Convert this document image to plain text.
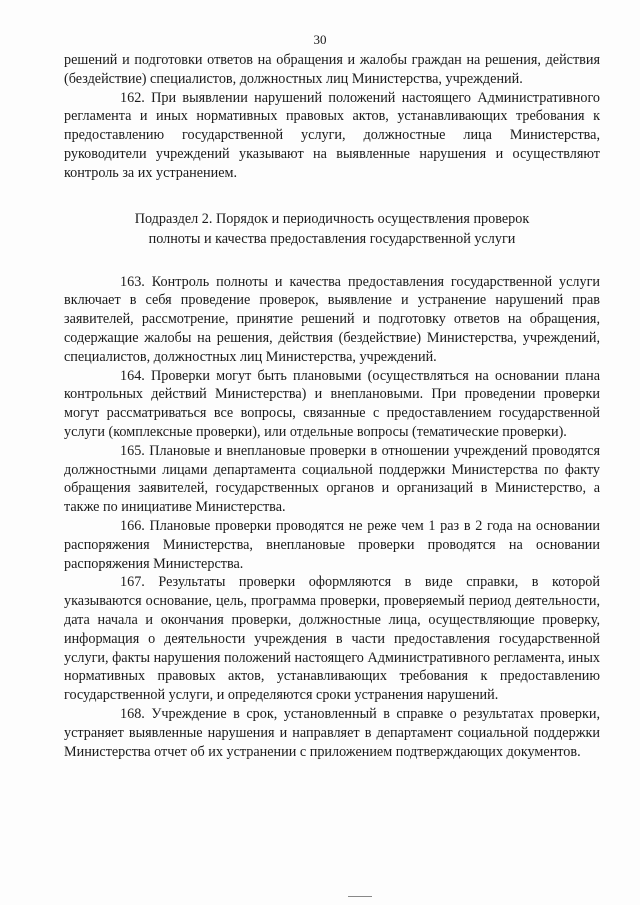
30

решений и подготовки ответов на обращения и жалобы граждан на решения, действия (бездействие) специалистов, должностных лиц Министерства, учреждений.

162. При выявлении нарушений положений настоящего Административного регламента и иных нормативных правовых актов, устанавливающих требования к предоставлению государственной услуги, должностные лица Министерства, руководители учреждений указывают на выявленные нарушения и осуществляют контроль за их устранением.

Подраздел 2. Порядок и периодичность осуществления проверок
полноты и качества предоставления государственной услуги

163. Контроль полноты и качества предоставления государственной услуги включает в себя проведение проверок, выявление и устранение нарушений прав заявителей, рассмотрение, принятие решений и подготовку ответов на обращения, содержащие жалобы на решения, действия (бездействие) Министерства, учреждений, специалистов, должностных лиц Министерства, учреждений.

164. Проверки могут быть плановыми (осуществляться на основании плана контрольных действий Министерства) и внеплановыми. При проведении проверки могут рассматриваться все вопросы, связанные с предоставлением государственной услуги (комплексные проверки), или отдельные вопросы (тематические проверки).

165. Плановые и внеплановые проверки в отношении учреждений проводятся должностными лицами департамента социальной поддержки Министерства по факту обращения заявителей, государственных органов и организаций в Министерство, а также по инициативе Министерства.

166. Плановые проверки проводятся не реже чем 1 раз в 2 года на основании распоряжения Министерства, внеплановые проверки проводятся на основании распоряжения Министерства.

167. Результаты проверки оформляются в виде справки, в которой указываются основание, цель, программа проверки, проверяемый период деятельности, дата начала и окончания проверки, должностные лица, осуществляющие проверку, информация о деятельности учреждения в части предоставления государственной услуги, факты нарушения положений настоящего Административного регламента, иных нормативных правовых актов, устанавливающих требования к предоставлению государственной услуги, и определяются сроки устранения нарушений.

168. Учреждение в срок, установленный в справке о результатах проверки, устраняет выявленные нарушения и направляет в департамент социальной поддержки Министерства отчет об их устранении с приложением подтверждающих документов.
